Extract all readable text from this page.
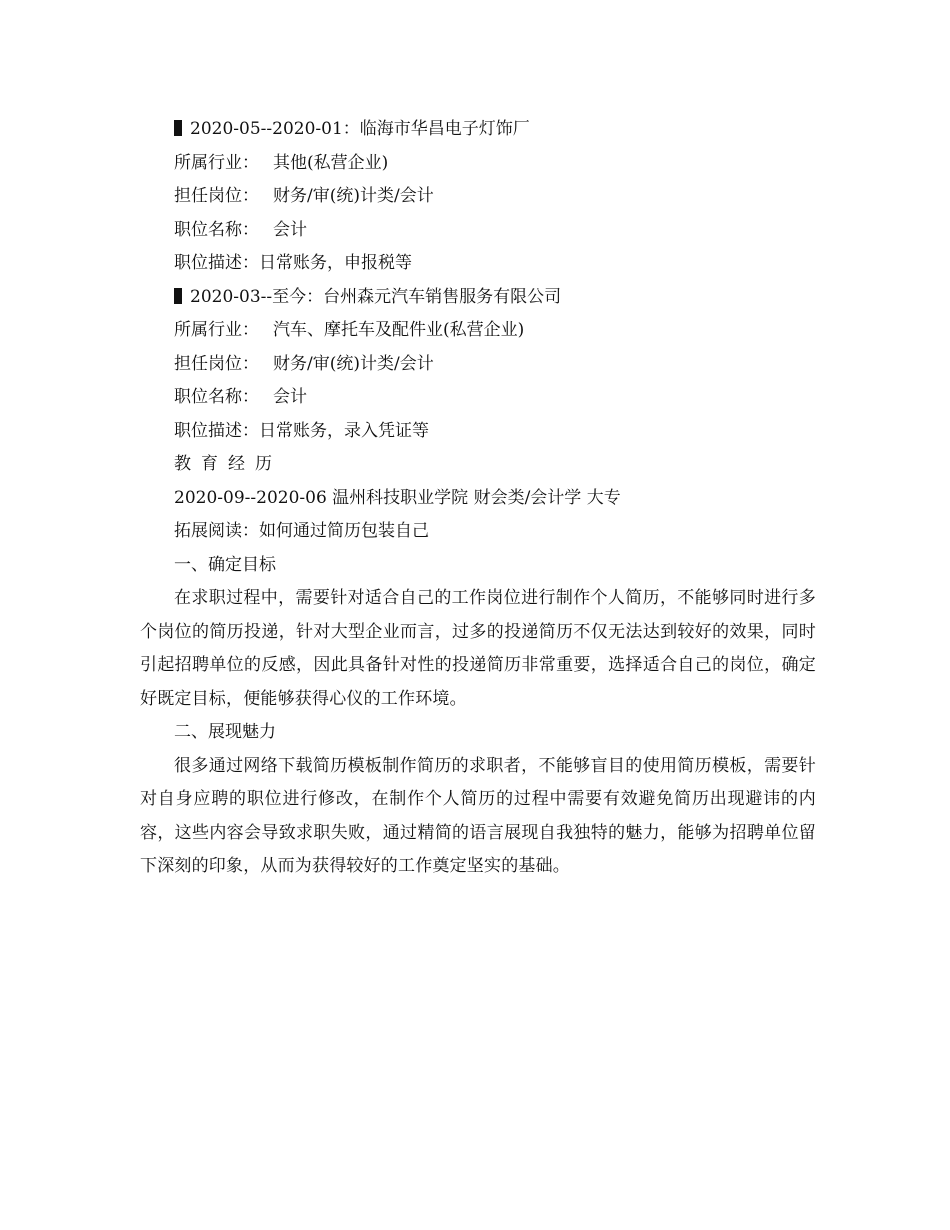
2020-05--2020-01：临海市华昌电子灯饰厂

所属行业： 其他(私营企业)

担任岗位： 财务/审(统)计类/会计

职位名称： 会计

职位描述：日常账务，申报税等

2020-03--至今：台州森元汽车销售服务有限公司

所属行业： 汽车、摩托车及配件业(私营企业)

担任岗位： 财务/审(统)计类/会计

职位名称： 会计

职位描述：日常账务，录入凭证等

教育经历

2020-09--2020-06 温州科技职业学院 财会类/会计学 大专

拓展阅读：如何通过简历包装自己

一、确定目标

在求职过程中，需要针对适合自己的工作岗位进行制作个人简历，不能够同时进行多个岗位的简历投递，针对大型企业而言，过多的投递简历不仅无法达到较好的效果，同时引起招聘单位的反感，因此具备针对性的投递简历非常重要，选择适合自己的岗位，确定好既定目标，便能够获得心仪的工作环境。

二、展现魅力

很多通过网络下载简历模板制作简历的求职者，不能够盲目的使用简历模板，需要针对自身应聘的职位进行修改，在制作个人简历的过程中需要有效避免简历出现避讳的内容，这些内容会导致求职失败，通过精简的语言展现自我独特的魅力，能够为招聘单位留下深刻的印象，从而为获得较好的工作奠定坚实的基础。
